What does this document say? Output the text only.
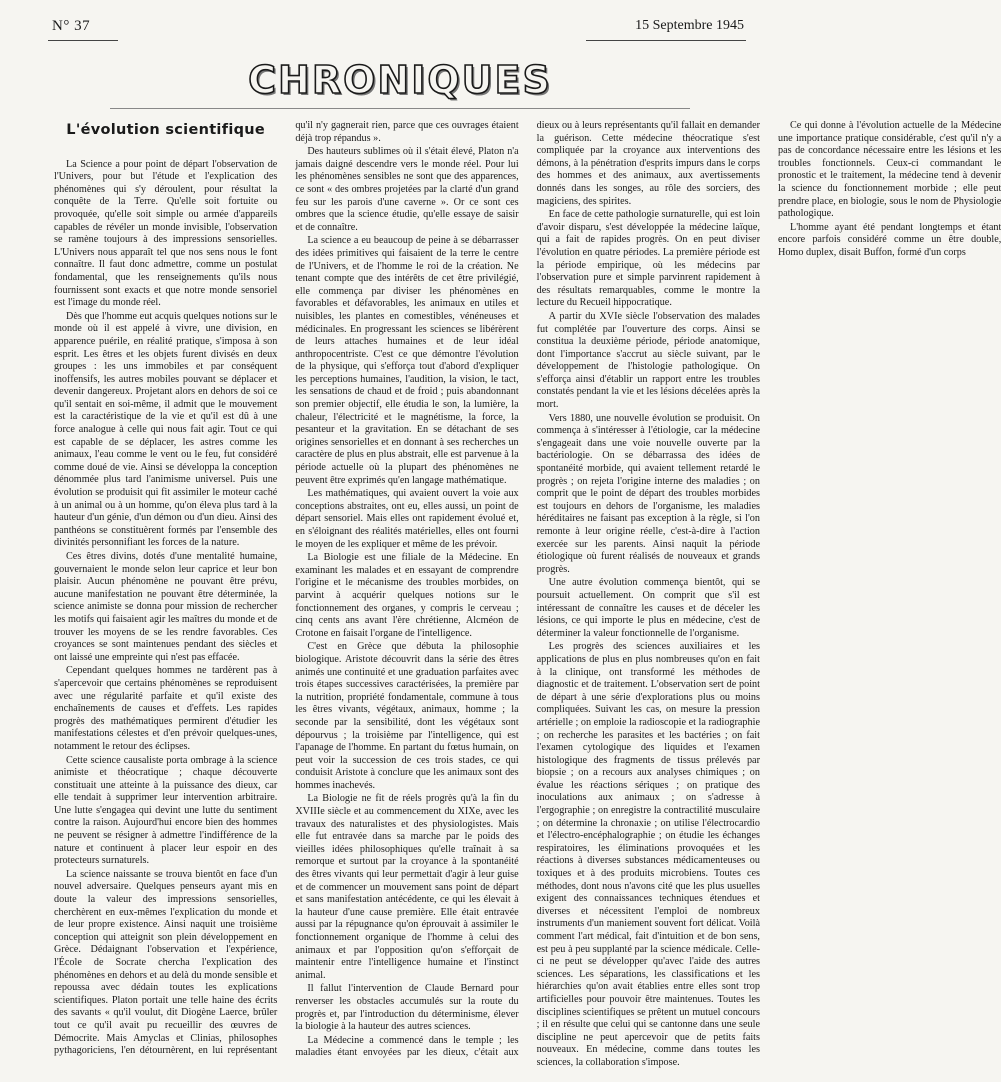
N° 37	15 Septembre 1945
CHRONIQUES
L'évolution scientifique

La Science a pour point de départ l'observation de l'Univers, pour but l'étude et l'explication des phénomènes qui s'y déroulent, pour résultat la conquête de la Terre. Qu'elle soit fortuite ou provoquée, qu'elle soit simple ou armée d'appareils capables de révéler un monde invisible, l'observation se ramène toujours à des impressions sensorielles. L'Univers nous apparaît tel que nos sens nous le font connaître. Il faut donc admettre, comme un postulat fondamental, que les renseignements qu'ils nous fournissent sont exacts et que notre monde sensoriel est l'image du monde réel.

Dès que l'homme eut acquis quelques notions sur le monde où il est appelé à vivre, une division, en apparence puérile, en réalité pratique, s'imposa à son esprit. Les êtres et les objets furent divisés en deux groupes : les uns immobiles et par conséquent inoffensifs, les autres mobiles pouvant se déplacer et devenir dangereux. Projetant alors en dehors de soi ce qu'il sentait en soi-même, il admit que le mouvement est la caractéristique de la vie et qu'il est dû à une force analogue à celle qui nous fait agir. Tout ce qui est capable de se déplacer, les astres comme les animaux, l'eau comme le vent ou le feu, fut considéré comme doué de vie. Ainsi se développa la conception dénommée plus tard l'animisme universel. Puis une évolution se produisit qui fit assimiler le moteur caché à un animal ou à un homme, qu'on éleva plus tard à la hauteur d'un génie, d'un démon ou d'un dieu. Ainsi des panthéons se constituèrent formés par l'ensemble des divinités personnifiant les forces de la nature.

Ces êtres divins, dotés d'une mentalité humaine, gouvernaient le monde selon leur caprice et leur bon plaisir. Aucun phénomène ne pouvant être prévu, aucune manifestation ne pouvant être déterminée, la science animiste se donna pour mission de rechercher les motifs qui faisaient agir les maîtres du monde et de trouver les moyens de se les rendre favorables. Ces croyances se sont maintenues pendant des siècles et ont laissé une empreinte qui n'est pas effacée.

Cependant quelques hommes ne tardèrent pas à s'apercevoir que certains phénomènes se reproduisent avec une régularité parfaite et qu'il existe des enchaînements de causes et d'effets. Les rapides progrès des mathématiques permirent d'étudier les manifestations célestes et d'en prévoir quelques-unes, notamment le retour des éclipses.

Cette science causaliste porta ombrage à la science animiste et théocratique ; chaque découverte constituait une atteinte à la puissance des dieux, car elle tendait à supprimer leur intervention arbitraire. Une lutte s'engagea qui devint une lutte du sentiment contre la raison. Aujourd'hui encore bien des hommes ne peuvent se résigner à admettre l'indifférence de la nature et continuent à placer leur espoir en des protecteurs surnaturels.

La science naissante se trouva bientôt en face d'un nouvel adversaire. Quelques penseurs ayant mis en doute la valeur des impressions sensorielles, cherchèrent en eux-mêmes l'explication du monde et de leur propre existence. Ainsi naquit une troisième conception qui atteignit son plein développement en Grèce. Dédaignant l'observation et l'expérience, l'École de Socrate chercha l'explication des phénomènes en dehors et au delà du monde sensible et repoussa avec dédain toutes les explications scientifiques. Platon portait une telle haine des écrits des savants « qu'il voulut, dit Diogène Laerce, brûler tout ce qu'il avait pu recueillir des œuvres de Démocrite. Mais Amyclas et Clinias, philosophes pythagoriciens, l'en détournèrent, en lui représentant qu'il n'y gagnerait rien, parce que ces ouvrages étaient déjà trop répandus ».

Des hauteurs sublimes où il s'était élevé, Platon n'a jamais daigné descendre vers le monde réel. Pour lui les phénomènes sensibles ne sont que des apparences, ce sont « des ombres projetées par la clarté d'un grand feu sur les parois d'une caverne ». Or ce sont ces ombres que la science étudie, qu'elle essaye de saisir et de connaître.

La science a eu beaucoup de peine à se débarrasser des idées primitives qui faisaient de la terre le centre de l'Univers, et de l'homme le roi de la création. Ne tenant compte que des intérêts de cet être privilégié, elle commença par diviser les phénomènes en favorables et défavorables, les animaux en utiles et nuisibles, les plantes en comestibles, vénéneuses et médicinales. En progressant les sciences se libérèrent de leurs attaches humaines et de leur idéal anthropocentriste. C'est ce que démontre l'évolution de la physique, qui s'efforça tout d'abord d'expliquer les perceptions humaines, l'audition, la vision, le tact, les sensations de chaud et de froid ; puis abandonnant son premier objectif, elle étudia le son, la lumière, la chaleur, l'électricité et le magnétisme, la force, la pesanteur et la gravitation. En se détachant de ses origines sensorielles et en donnant à ses recherches un caractère de plus en plus abstrait, elle est parvenue à la période actuelle où la plupart des phénomènes ne peuvent être exprimés qu'en langage mathématique.

Les mathématiques, qui avaient ouvert la voie aux conceptions abstraites, ont eu, elles aussi, un point de départ sensoriel. Mais elles ont rapidement évolué et, en s'éloignant des réalités matérielles, elles ont fourni le moyen de les expliquer et même de les prévoir.

La Biologie est une filiale de la Médecine. En examinant les malades et en essayant de comprendre l'origine et le mécanisme des troubles morbides, on parvint à acquérir quelques notions sur le fonctionnement des organes, y compris le cerveau ; cinq cents ans avant l'ère chrétienne, Alcméon de Crotone en faisait l'organe de l'intelligence.

C'est en Grèce que débuta la philosophie biologique. Aristote découvrit dans la série des êtres animés une continuité et une graduation parfaites avec trois étapes successives caractérisées, la première par la nutrition, propriété fondamentale, commune à tous les êtres vivants, végétaux, animaux, homme ; la seconde par la sensibilité, dont les végétaux sont dépourvus ; la troisième par l'intelligence, qui est l'apanage de l'homme. En partant du fœtus humain, on peut voir la succession de ces trois stades, ce qui conduisit Aristote à conclure que les animaux sont des hommes inachevés.

La Biologie ne fit de réels progrès qu'à la fin du XVIIIe siècle et au commencement du XIXe, avec les travaux des naturalistes et des physiologistes. Mais elle fut entravée dans sa marche par le poids des vieilles idées philosophiques qu'elle traînait à sa remorque et surtout par la croyance à la spontanéité des êtres vivants qui leur permettait d'agir à leur guise et de commencer un mouvement sans point de départ et sans manifestation antécédente, ce qui les élevait à la hauteur d'une cause première. Elle était entravée aussi par la répugnance qu'on éprouvait à assimiler le fonctionnement organique de l'homme à celui des animaux et par l'opposition qu'on s'efforçait de maintenir entre l'intelligence humaine et l'instinct animal.

Il fallut l'intervention de Claude Bernard pour renverser les obstacles accumulés sur la route du progrès et, par l'introduction du déterminisme, élever la biologie à la hauteur des autres sciences.

La Médecine a commencé dans le temple ; les maladies étant envoyées par les dieux, c'était aux dieux ou à leurs représentants qu'il fallait en demander la guérison. Cette médecine théocratique s'est compliquée par la croyance aux interventions des démons, à la pénétration d'esprits impurs dans le corps des hommes et des animaux, aux avertissements donnés dans les songes, au rôle des sorciers, des magiciens, des spirites.

En face de cette pathologie surnaturelle, qui est loin d'avoir disparu, s'est développée la médecine laïque, qui a fait de rapides progrès. On en peut diviser l'évolution en quatre périodes. La première période est la période empirique, où les médecins par l'observation pure et simple parvinrent rapidement à des résultats remarquables, comme le montre la lecture du Recueil hippocratique.

A partir du XVIe siècle l'observation des malades fut complétée par l'ouverture des corps. Ainsi se constitua la deuxième période, période anatomique, dont l'importance s'accrut au siècle suivant, par le développement de l'histologie pathologique. On s'efforça ainsi d'établir un rapport entre les troubles constatés pendant la vie et les lésions décelées après la mort.

Vers 1880, une nouvelle évolution se produisit. On commença à s'intéresser à l'étiologie, car la médecine s'engageait dans une voie nouvelle ouverte par la bactériologie. On se débarrassa des idées de spontanéité morbide, qui avaient tellement retardé le progrès ; on rejeta l'origine interne des maladies ; on comprit que le point de départ des troubles morbides est toujours en dehors de l'organisme, les maladies héréditaires ne faisant pas exception à la règle, si l'on remonte à leur origine réelle, c'est-à-dire à l'action exercée sur les parents. Ainsi naquit la période étiologique où furent réalisés de nouveaux et grands progrès.

Une autre évolution commença bientôt, qui se poursuit actuellement. On comprit que s'il est intéressant de connaître les causes et de déceler les lésions, ce qui importe le plus en médecine, c'est de déterminer la valeur fonctionnelle de l'organisme.

Les progrès des sciences auxiliaires et les applications de plus en plus nombreuses qu'on en fait à la clinique, ont transformé les méthodes de diagnostic et de traitement. L'observation sert de point de départ à une série d'explorations plus ou moins compliquées. Suivant les cas, on mesure la pression artérielle ; on emploie la radioscopie et la radiographie ; on recherche les parasites et les bactéries ; on fait l'examen cytologique des liquides et l'examen histologique des fragments de tissus prélevés par biopsie ; on a recours aux analyses chimiques ; on évalue les réactions sériques ; on pratique des inoculations aux animaux ; on s'adresse à l'ergographie ; on enregistre la contractilité musculaire ; on détermine la chronaxie ; on utilise l'électrocardio et l'électro-encéphalographie ; on étudie les échanges respiratoires, les éliminations provoquées et les réactions à diverses substances médicamenteuses ou toxiques et à des produits microbiens. Toutes ces méthodes, dont nous n'avons cité que les plus usuelles exigent des connaissances techniques étendues et diverses et nécessitent l'emploi de nombreux instruments d'un maniement souvent fort délicat. Voilà comment l'art médical, fait d'intuition et de bon sens, est peu à peu supplanté par la science médicale. Celle-ci ne peut se développer qu'avec l'aide des autres sciences. Les séparations, les classifications et les hiérarchies qu'on avait établies entre elles sont trop artificielles pour pouvoir être maintenues. Toutes les disciplines scientifiques se prêtent un mutuel concours ; il en résulte que celui qui se cantonne dans une seule discipline ne peut apercevoir que de petits faits nouveaux. En médecine, comme dans toutes les sciences, la collaboration s'impose.

Ce qui donne à l'évolution actuelle de la Médecine une importance pratique considérable, c'est qu'il n'y a pas de concordance nécessaire entre les lésions et les troubles fonctionnels. Ceux-ci commandant le pronostic et le traitement, la médecine tend à devenir la science du fonctionnement morbide ; elle peut prendre place, en biologie, sous le nom de Physiologie pathologique.

L'homme ayant été pendant longtemps et étant encore parfois considéré comme un être double, Homo duplex, disait Buffon, formé d'un corps
